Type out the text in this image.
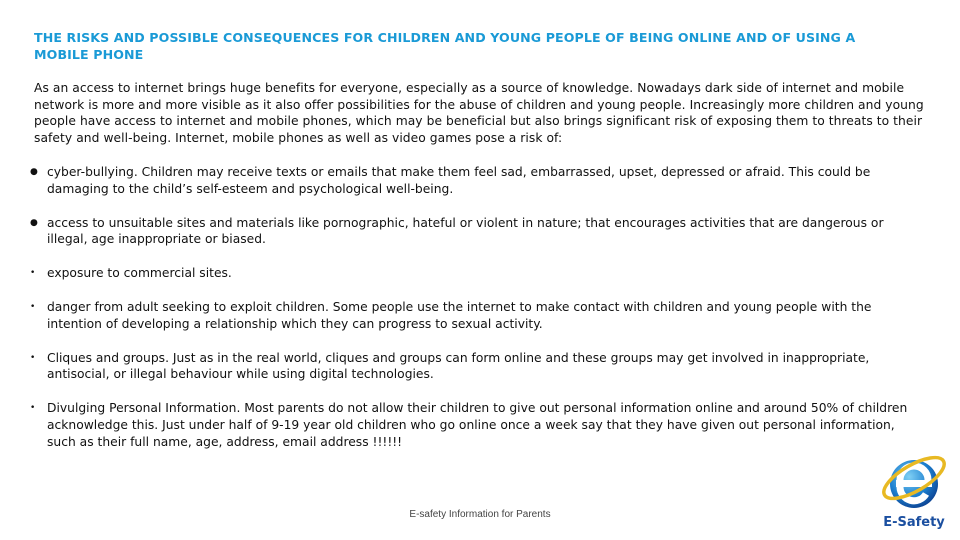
THE RISKS AND POSSIBLE CONSEQUENCES FOR CHILDREN AND YOUNG PEOPLE OF BEING ONLINE AND OF USING A MOBILE PHONE
As an access to internet brings huge benefits for everyone, especially as a source of knowledge. Nowadays dark side of internet and mobile network is more and more visible as it also offer possibilities for the abuse of children and young people. Increasingly more children and young people have access to internet and mobile phones, which may be beneficial but also brings significant risk of exposing them to threats to their safety and well-being. Internet, mobile phones as well as video games pose a risk of:
● cyber-bullying. Children may receive texts or emails that make them feel sad, embarrassed, upset, depressed or afraid. This could be damaging to the child’s self-esteem and psychological well-being.
● access to unsuitable sites and materials like pornographic, hateful or violent in nature; that encourages activities that are dangerous or illegal, age inappropriate or biased.
• exposure to commercial sites.
• danger from adult seeking to exploit children. Some people use the internet to make contact with children and young people with the intention of developing a relationship which they can progress to sexual activity.
• Cliques and groups. Just as in the real world, cliques and groups can form online and these groups may get involved in inappropriate, antisocial, or illegal behaviour while using digital technologies.
• Divulging Personal Information. Most parents do not allow their children to give out personal information online and around 50% of children acknowledge this. Just under half of 9-19 year old children who go online once a week say that they have given out personal information, such as their full name, age, address, email address !!!!!!
E-safety Information for Parents
E-Safety
